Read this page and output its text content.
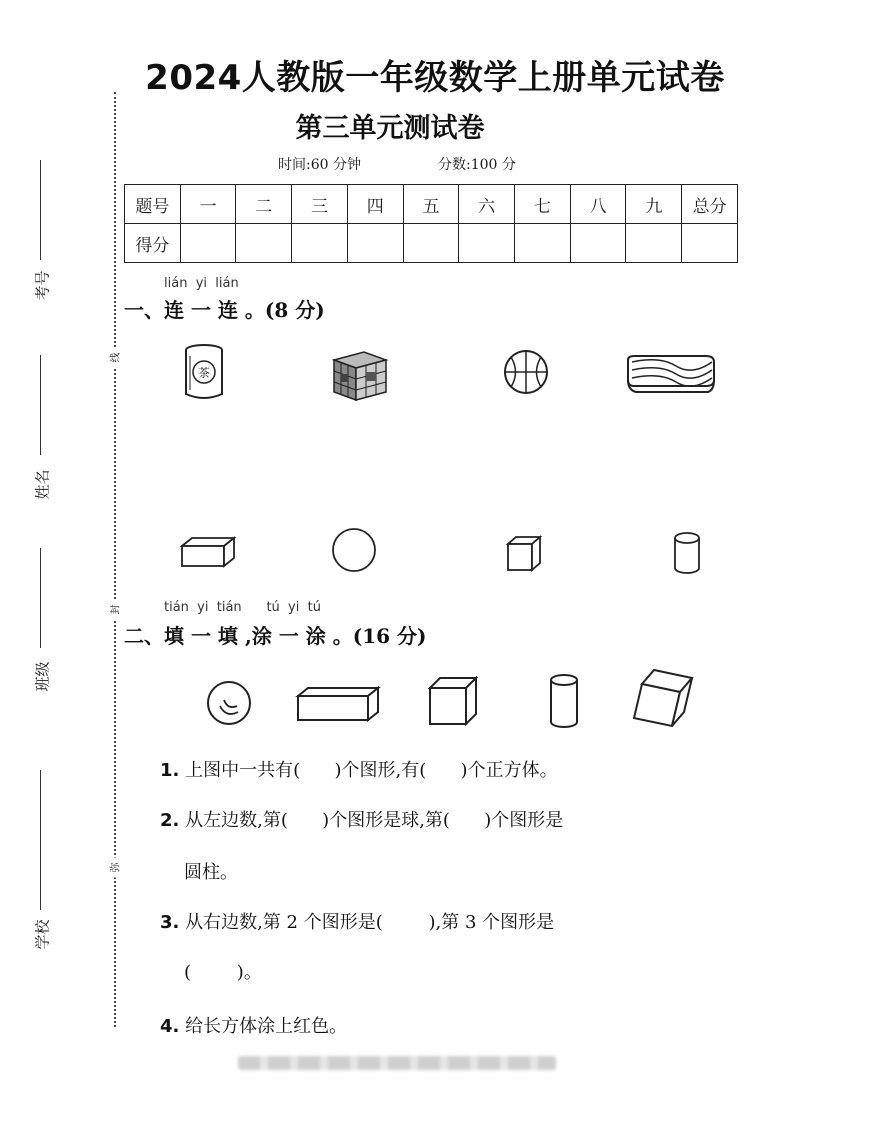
2024人教版一年级数学上册单元试卷
第三单元测试卷
时间:60 分钟	分数:100 分
考号
姓名
班级
学校
线
封
弥
题号	一	二	三	四	五	六	七	八	九	总分
得分										
lián  yi  lián
一、连 一 连 。(8 分)
茶
tián  yi  tián      tú  yi  tú
二、填 一 填 ,涂 一 涂 。(16 分)
1. 上图中一共有(      )个图形,有(      )个正方体。
2. 从左边数,第(      )个图形是球,第(      )个图形是
圆柱。
3. 从右边数,第 2 个图形是(        ),第 3 个图形是
(        )。
4. 给长方体涂上红色。
